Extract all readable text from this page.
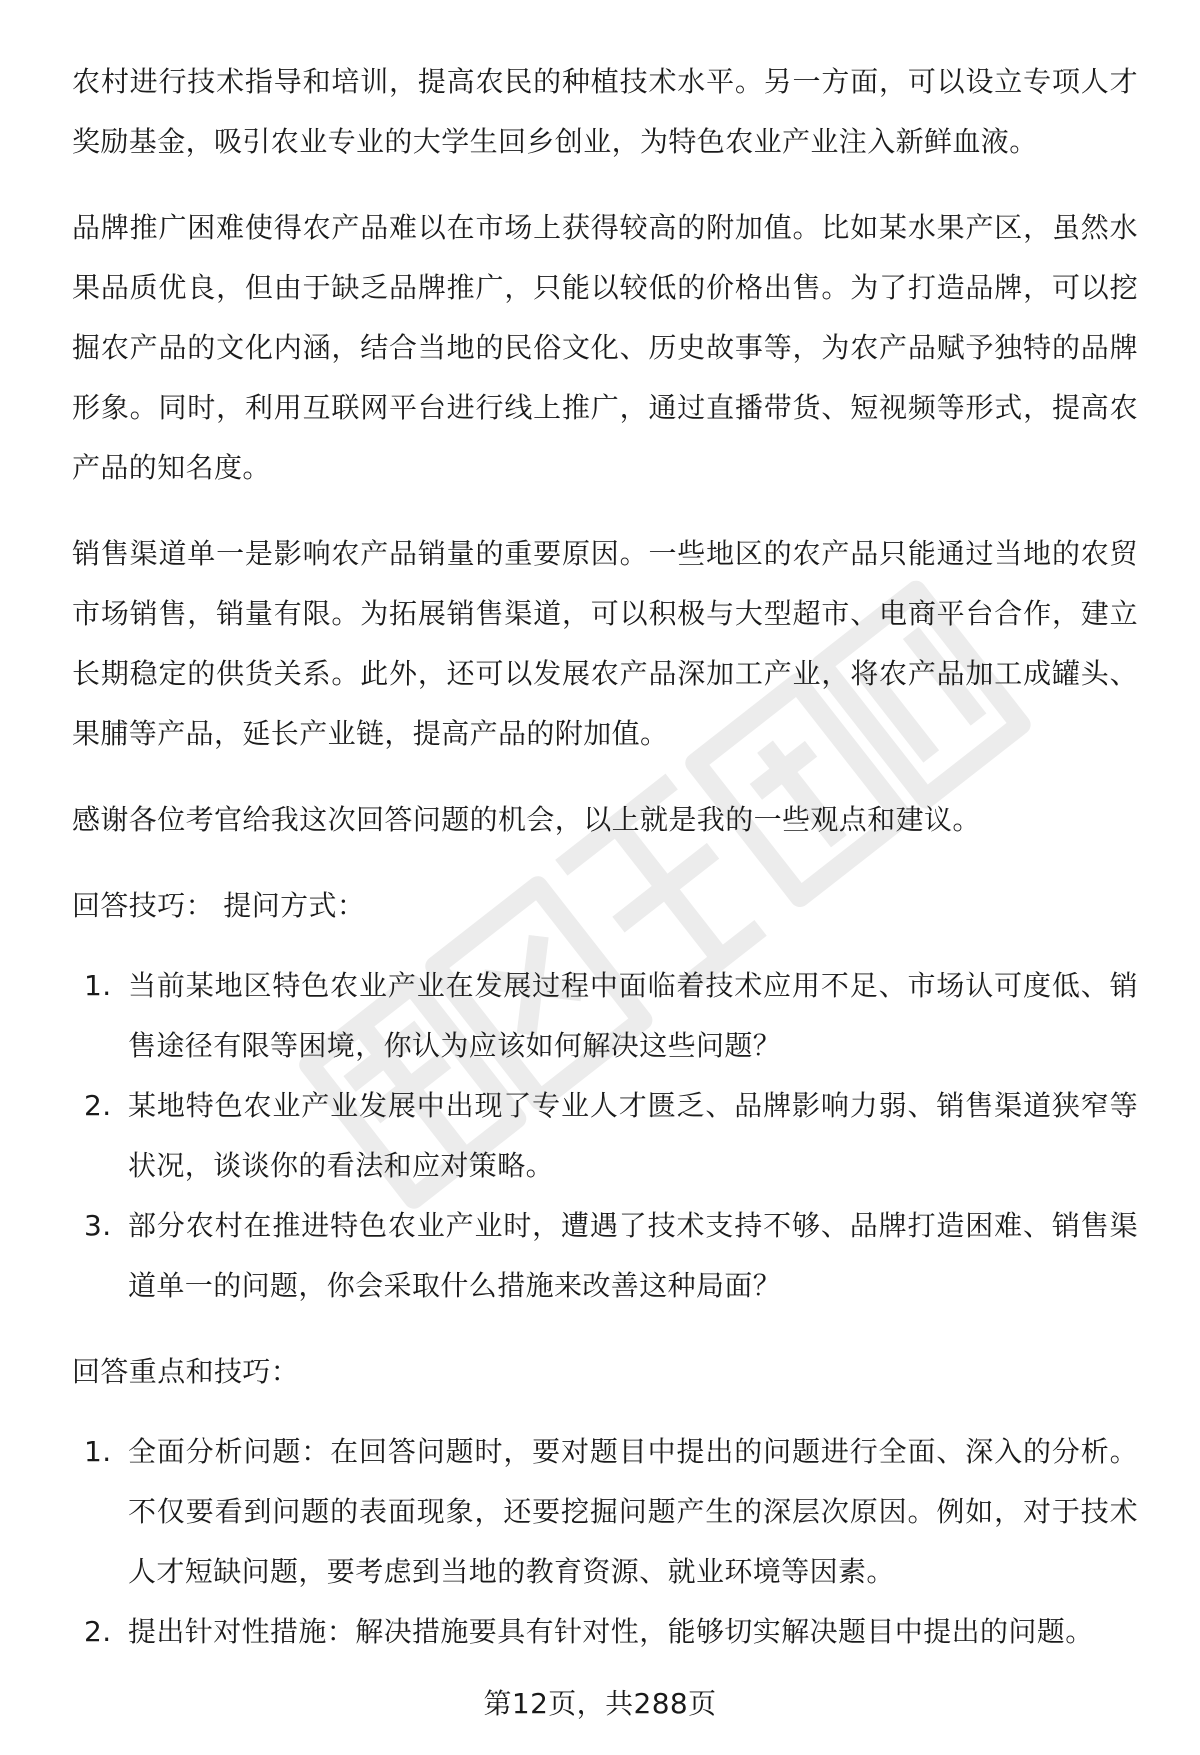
农村进行技术指导和培训，提高农民的种植技术水平。另一方面，可以设立专项人才奖励基金，吸引农业专业的大学生回乡创业，为特色农业产业注入新鲜血液。

品牌推广困难使得农产品难以在市场上获得较高的附加值。比如某水果产区，虽然水果品质优良，但由于缺乏品牌推广，只能以较低的价格出售。为了打造品牌，可以挖掘农产品的文化内涵，结合当地的民俗文化、历史故事等，为农产品赋予独特的品牌形象。同时，利用互联网平台进行线上推广，通过直播带货、短视频等形式，提高农产品的知名度。

销售渠道单一是影响农产品销量的重要原因。一些地区的农产品只能通过当地的农贸市场销售，销量有限。为拓展销售渠道，可以积极与大型超市、电商平台合作，建立长期稳定的供货关系。此外，还可以发展农产品深加工产业，将农产品加工成罐头、果脯等产品，延长产业链，提高产品的附加值。

感谢各位考官给我这次回答问题的机会，以上就是我的一些观点和建议。

回答技巧： 提问方式：

1. 当前某地区特色农业产业在发展过程中面临着技术应用不足、市场认可度低、销售途径有限等困境，你认为应该如何解决这些问题？
2. 某地特色农业产业发展中出现了专业人才匮乏、品牌影响力弱、销售渠道狭窄等状况，谈谈你的看法和应对策略。
3. 部分农村在推进特色农业产业时，遭遇了技术支持不够、品牌打造困难、销售渠道单一的问题，你会采取什么措施来改善这种局面？

回答重点和技巧：

1. 全面分析问题：在回答问题时，要对题目中提出的问题进行全面、深入的分析。不仅要看到问题的表面现象，还要挖掘问题产生的深层次原因。例如，对于技术人才短缺问题，要考虑到当地的教育资源、就业环境等因素。
2. 提出针对性措施：解决措施要具有针对性，能够切实解决题目中提出的问题。
第12页，共288页
